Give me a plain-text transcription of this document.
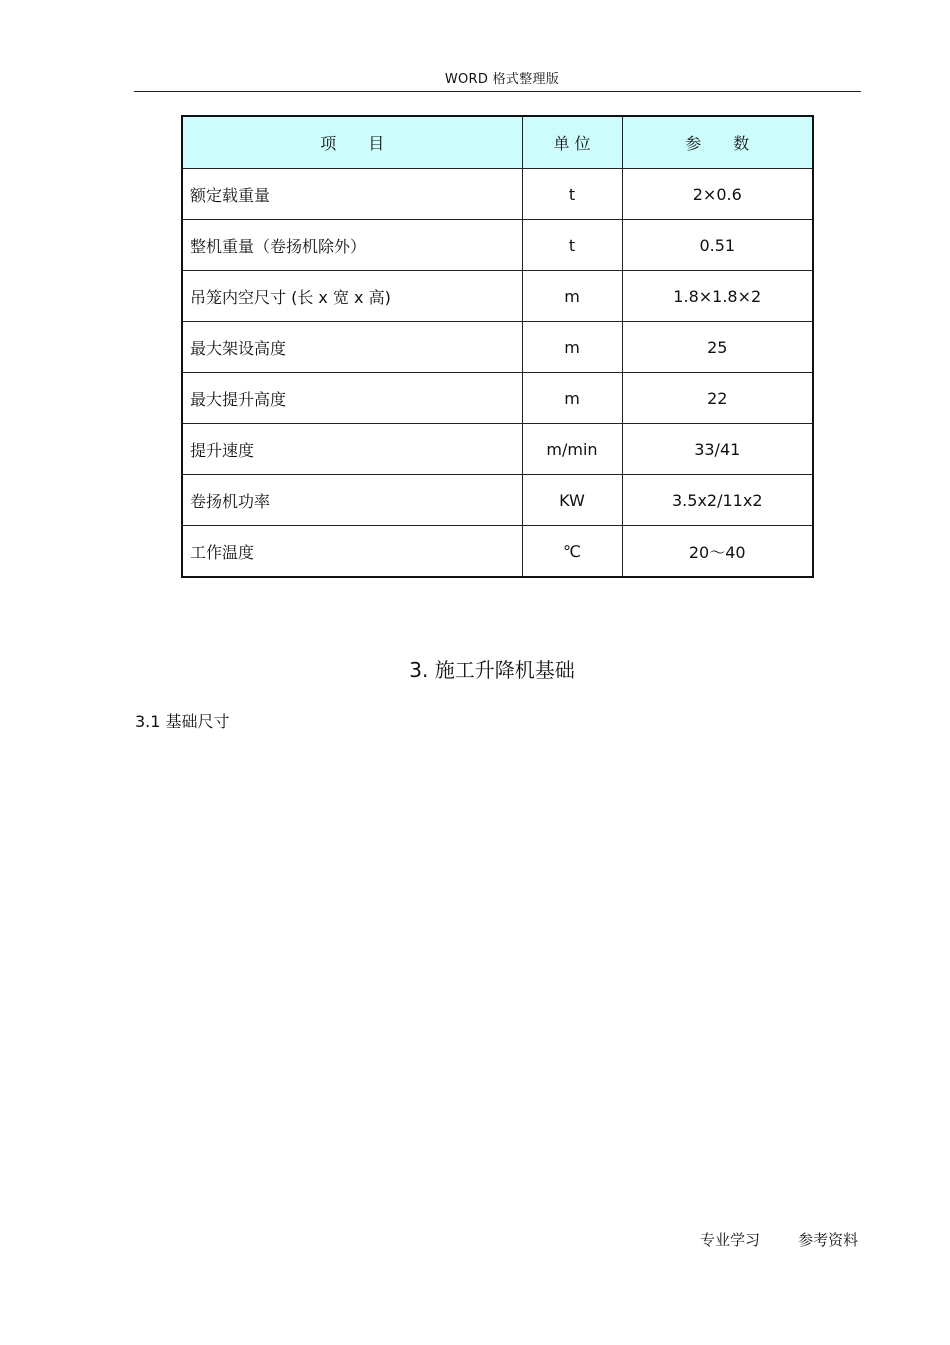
WORD 格式整理版
项　　目	单 位	参　　数
额定载重量	t	2×0.6
整机重量（卷扬机除外）	t	0.51
吊笼内空尺寸 (长 x 宽 x 高)	m	1.8×1.8×2
最大架设高度	m	25
最大提升高度	m	22
提升速度	m/min	33/41
卷扬机功率	KW	3.5x2/11x2
工作温度	℃	20～40
3. 施工升降机基础
3.1 基础尺寸
专业学习	参考资料
